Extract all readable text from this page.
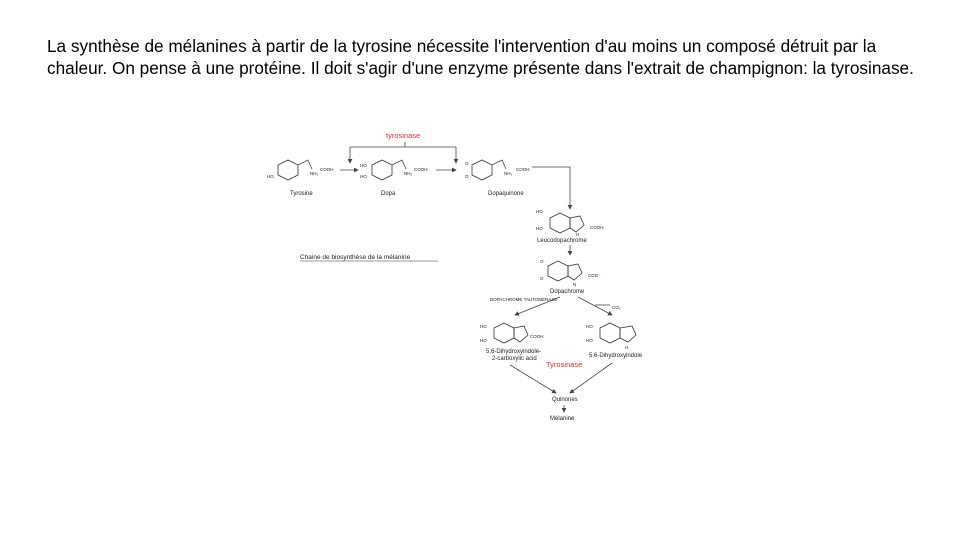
La synthèse de mélanines à partir de la tyrosine nécessite l'intervention d'au moins un composé détruit par la chaleur. On pense à une protéine. Il doit s'agir d'une enzyme présente dans l'extrait de champignon: la tyrosinase.
tyrosinase
HO
NH₂
COOH
Tyrosine
HO
HO
NH₂
COOH
Dopa
O
O
NH₂
COOH
Dopaquinone
HO
HO
H
COOH
Leucodopachrome
O
O
N
COO⁻
Dopachrome
DOPACHROME TAUTOMERASE
CO₂
HO
HO
COOH
5,6-Dihydroxyindole-
2-carboxylic acid
HO
HO
H
5,6-Dihydroxyindole
Tyrosinase
Quinones
Mélanine
Chaine de biosynthèse de la mélanine
